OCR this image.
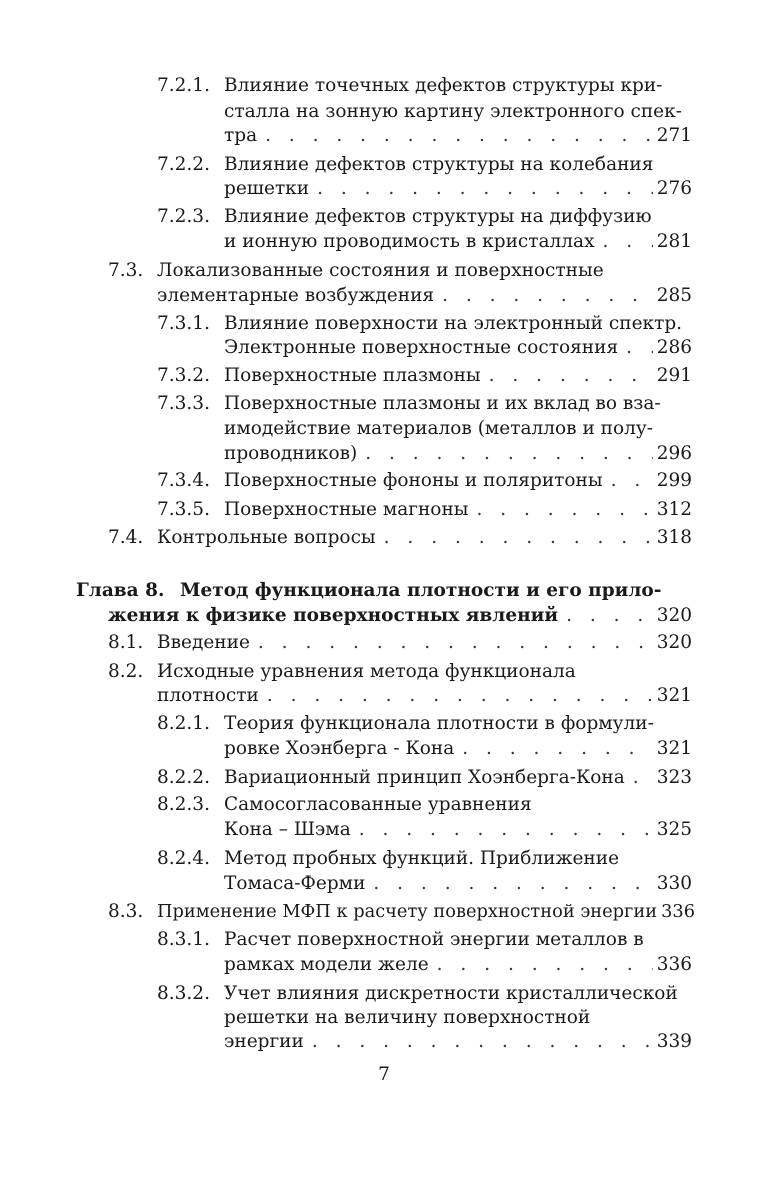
7.2.1. Влияние точечных дефектов структуры кри-
сталла на зонную картину электронного спек-
тра . . .	271
7.2.2. Влияние дефектов структуры на колебания
решетки . . .	276
7.2.3. Влияние дефектов структуры на диффузию
и ионную проводимость в кристаллах . . .	281
7.3. Локализованные состояния и поверхностные
элементарные возбуждения . . .	285
7.3.1. Влияние поверхности на электронный спектр.
Электронные поверхностные состояния . . . 286
7.3.2. Поверхностные плазмоны . . .	291
7.3.3. Поверхностные плазмоны и их вклад во вза-
имодействие материалов (металлов и полу-
проводников) . . .	296
7.3.4. Поверхностные фононы и поляритоны . . .	299
7.3.5. Поверхностные магноны . . .	312
7.4. Контрольные вопросы . . .	318
Глава 8. Метод функционала плотности и его прило-
жения к физике поверхностных явлений . . .	320
8.1. Введение . . .	320
8.2. Исходные уравнения метода функционала
плотности . . .	321
8.2.1. Теория функционала плотности в формули-
ровке Хоэнберга - Кона . . .	321
8.2.2. Вариационный принцип Хоэнберга-Кона . . . 323
8.2.3. Самосогласованные уравнения
Кона – Шэма . . .	325
8.2.4. Метод пробных функций. Приближение
Томаса-Ферми . . .	330
8.3. Применение МФП к расчету поверхностной энергии 336
8.3.1. Расчет поверхностной энергии металлов в
рамках модели желе . . .	336
8.3.2. Учет влияния дискретности кристаллической
решетки на величину поверхностной
энергии . . .	339
7
